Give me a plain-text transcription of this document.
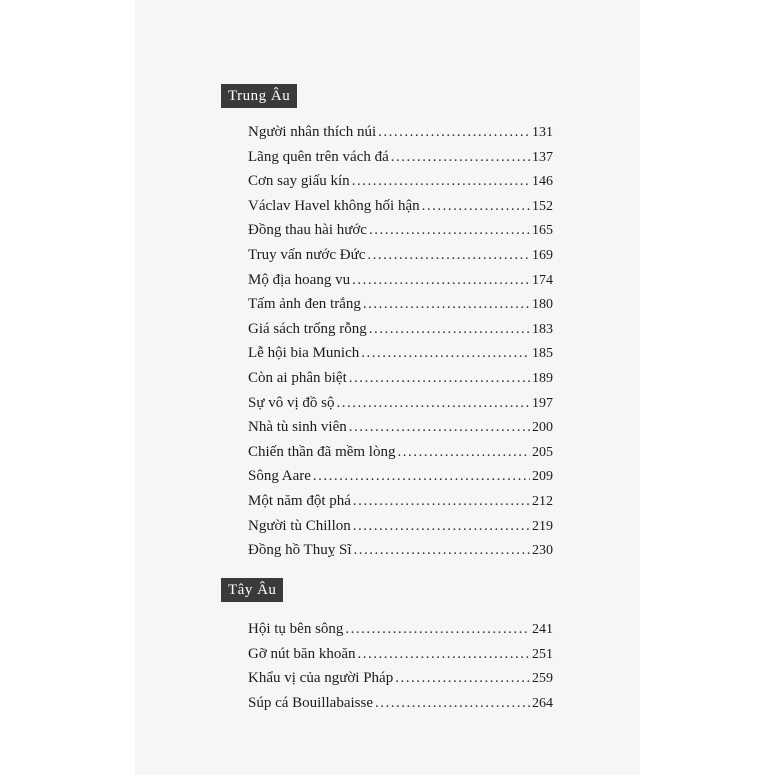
Trung Âu
Người nhân thích núi .....	131
Lãng quên trên vách đá .....	137
Cơn say giấu kín .....	146
Václav Havel không hối hận .....	152
Đồng thau hài hước .....	165
Truy vấn nước Đức .....	169
Mộ địa hoang vu .....	174
Tấm ảnh đen trắng .....	180
Giá sách trống rỗng .....	183
Lễ hội bia Munich .....	185
Còn ai phân biệt .....	189
Sự vô vị đồ sộ .....	197
Nhà tù sinh viên .....	200
Chiến thần đã mềm lòng .....	205
Sông Aare .....	209
Một năm đột phá .....	212
Người tù Chillon .....	219
Đồng hồ Thuỵ Sĩ .....	230
Tây Âu
Hội tụ bên sông .....	241
Gỡ nút băn khoăn .....	251
Khẩu vị của người Pháp .....	259
Súp cá Bouillabaisse .....	264
